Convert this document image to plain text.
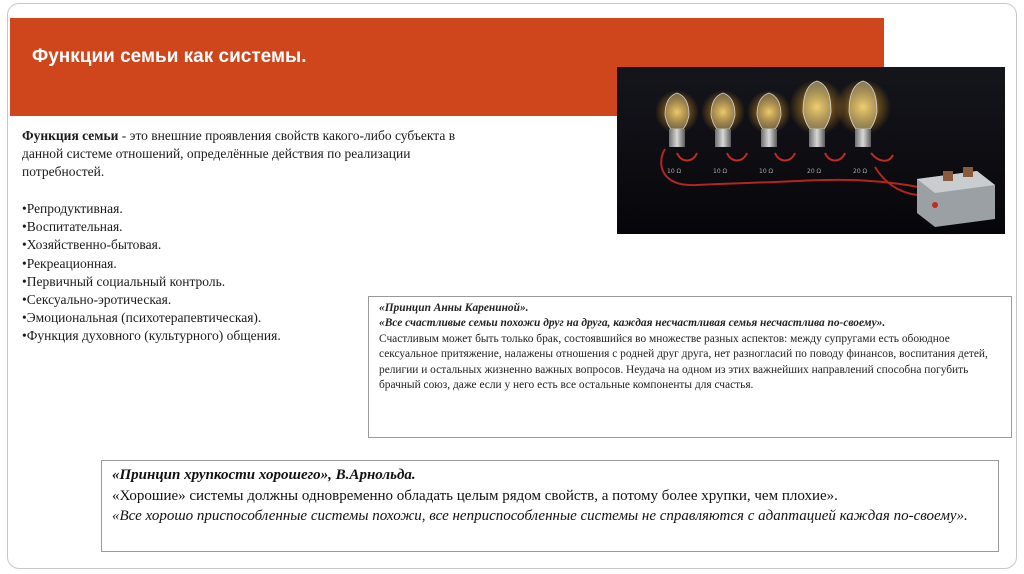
Функции семьи как системы.
10 Ω	10 Ω	10 Ω	20 Ω	20 Ω
Функция семьи - это внешние проявления свойств какого-либо субъекта в данной системе отношений, определённые действия по реализации потребностей.
• Репродуктивная.
• Воспитательная.
• Хозяйственно-бытовая.
• Рекреационная.
• Первичный социальный контроль.
• Сексуально-эротическая.
• Эмоциональная (психотерапевтическая).
• Функция духовного (культурного) общения.
«Принцип Анны Карениной».
«Все счастливые семьи похожи друг на друга, каждая несчастливая семья несчастлива по-своему».
Счастливым может быть только брак, состоявшийся во множестве разных аспектов: между супругами есть обоюдное сексуальное притяжение, налажены отношения с родней друг друга, нет разногласий по поводу финансов, воспитания детей, религии и остальных жизненно важных вопросов. Неудача на одном из этих важнейших направлений способна погубить брачный союз, даже если у него есть все остальные компоненты для счастья.
«Принцип хрупкости хорошего», В.Арнольда.
«Хорошие» системы должны одновременно обладать целым рядом свойств, а потому более хрупки, чем плохие».
«Все хорошо приспособленные системы похожи, все неприспособленные системы не справляются с адаптацией каждая по-своему».
